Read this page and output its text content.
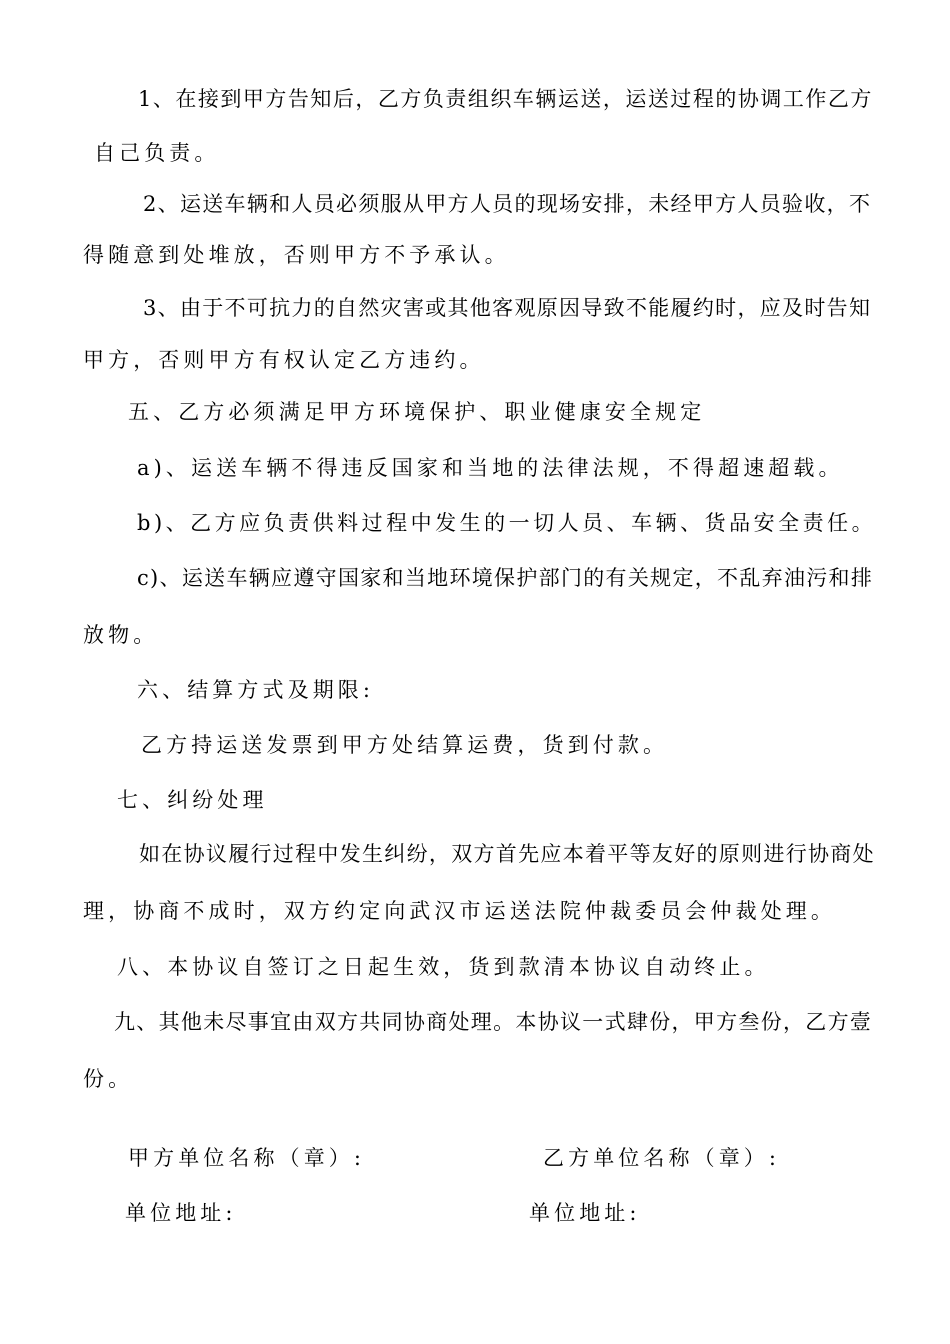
1、在接到甲方告知后，乙方负责组织车辆运送，运送过程的协调工作乙方

自己负责。

2、运送车辆和人员必须服从甲方人员的现场安排，未经甲方人员验收，不

得随意到处堆放，否则甲方不予承认。

3、由于不可抗力的自然灾害或其他客观原因导致不能履约时，应及时告知

甲方，否则甲方有权认定乙方违约。

五、乙方必须满足甲方环境保护、职业健康安全规定

a)、运送车辆不得违反国家和当地的法律法规，不得超速超载。

b)、乙方应负责供料过程中发生的一切人员、车辆、货品安全责任。

c)、运送车辆应遵守国家和当地环境保护部门的有关规定，不乱弃油污和排

放物。

六、结算方式及期限:

乙方持运送发票到甲方处结算运费，货到付款。

七、纠纷处理

如在协议履行过程中发生纠纷，双方首先应本着平等友好的原则进行协商处

理，协商不成时，双方约定向武汉市运送法院仲裁委员会仲裁处理。

八、本协议自签订之日起生效，货到款清本协议自动终止。

九、其他未尽事宜由双方共同协商处理。本协议一式肆份，甲方叁份，乙方壹

份。

甲方单位名称（章）:	乙方单位名称（章）:
单位地址:	单位地址:
